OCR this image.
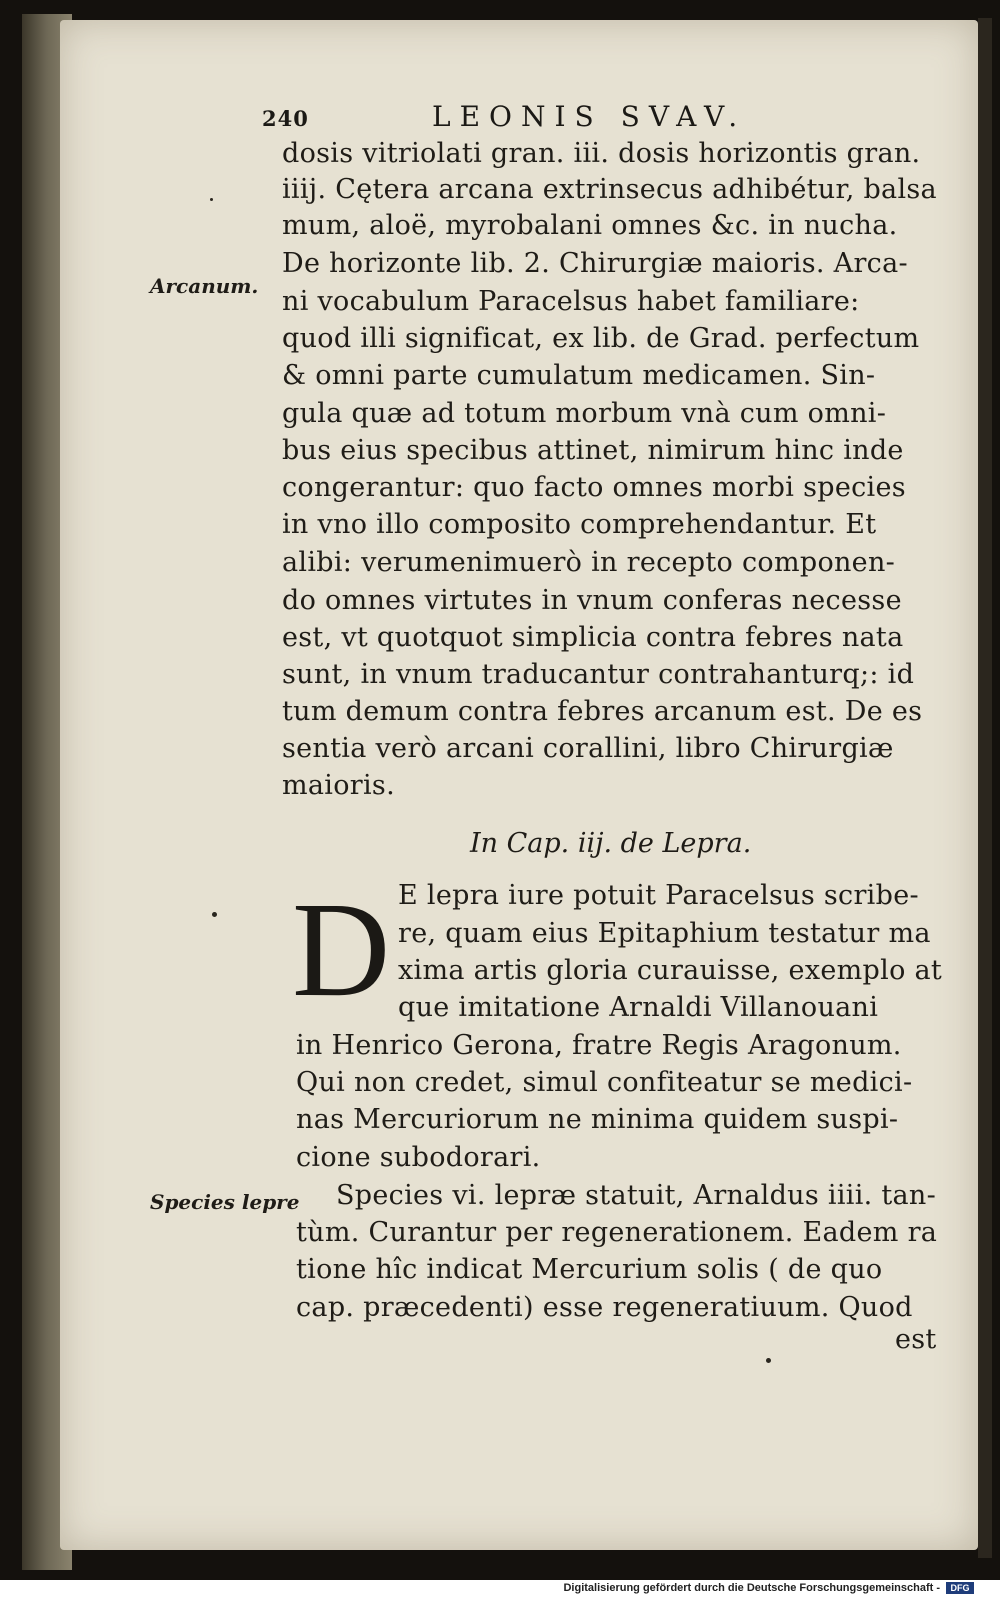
240	LEONIS SVAV.
Arcanum.
Species lepre
dosis vitriolati gran. iii. dosis horizontis gran.
iiij. Cętera arcana extrinsecus adhibétur, balsa
mum, aloë, myrobalani omnes &c. in nucha.
De horizonte lib. 2. Chirurgiæ maioris. Arca-
ni vocabulum Paracelsus habet familiare:
quod illi significat, ex lib. de Grad. perfectum
& omni parte cumulatum medicamen. Sin-
gula quæ ad totum morbum vnà cum omni-
bus eius specibus attinet, nimirum hinc inde
congerantur: quo facto omnes morbi species
in vno illo composito comprehendantur. Et
alibi: verumenimuerò in recepto componen-
do omnes virtutes in vnum conferas necesse
est, vt quotquot simplicia contra febres nata
sunt, in vnum traducantur contrahanturq;: id
tum demum contra febres arcanum est. De es
sentia verò arcani corallini, libro Chirurgiæ
maioris.
In Cap. iij. de Lepra.
D E lepra iure potuit Paracelsus scribe-
re, quam eius Epitaphium testatur ma
xima artis gloria curauisse, exemplo at
que imitatione Arnaldi Villanouani
in Henrico Gerona, fratre Regis Aragonum.
Qui non credet, simul confiteatur se medici-
nas Mercuriorum ne minima quidem suspi-
cione subodorari.
Species vi. lepræ statuit, Arnaldus iiii. tan-
tùm. Curantur per regenerationem. Eadem ra
tione hîc indicat Mercurium solis ( de quo
cap. præcedenti) esse regeneratiuum. Quod
est
Digitalisierung gefördert durch die Deutsche Forschungsgemeinschaft -	DFG
